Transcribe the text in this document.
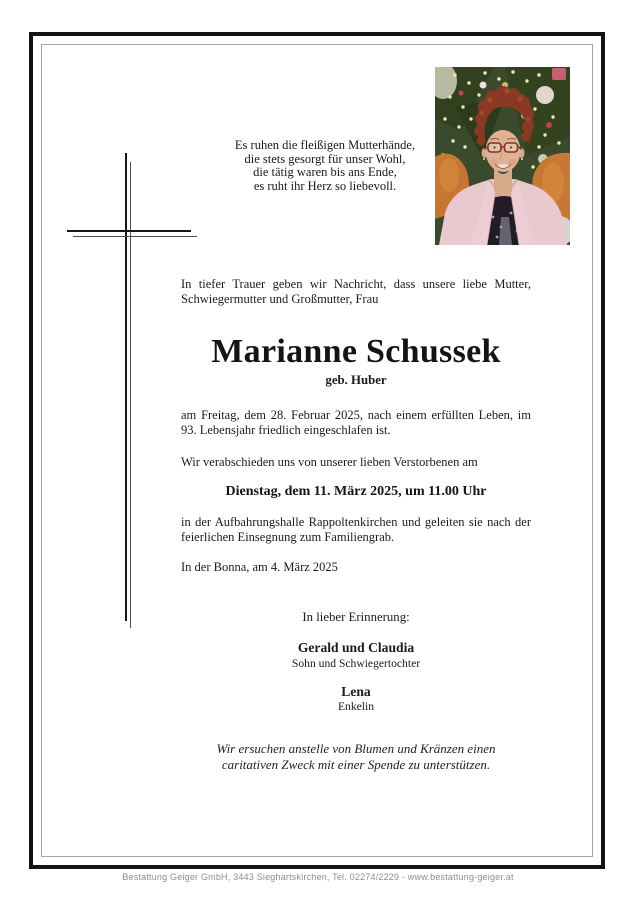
Es ruhen die fleißigen Mutterhände,
die stets gesorgt für unser Wohl,
die tätig waren bis ans Ende,
es ruht ihr Herz so liebevoll.
In tiefer Trauer geben wir Nachricht, dass unsere liebe Mutter,
Schwiegermutter und Großmutter, Frau
Marianne Schussek
geb. Huber
am Freitag, dem 28. Februar 2025, nach einem erfüllten Leben, im
93. Lebensjahr friedlich eingeschlafen ist.
Wir verabschieden uns von unserer lieben Verstorbenen am
Dienstag, dem 11. März 2025, um 11.00 Uhr
in der Aufbahrungshalle Rappoltenkirchen und geleiten sie nach der
feierlichen Einsegnung zum Familiengrab.
In der Bonna, am 4. März 2025
In lieber Erinnerung:
Gerald und Claudia
Sohn und Schwiegertochter
Lena
Enkelin
Wir ersuchen anstelle von Blumen und Kränzen einen
caritativen Zweck mit einer Spende zu unterstützen.
Bestattung Geiger GmbH, 3443 Sieghartskirchen, Tel. 02274/2229 - www.bestattung-geiger.at
